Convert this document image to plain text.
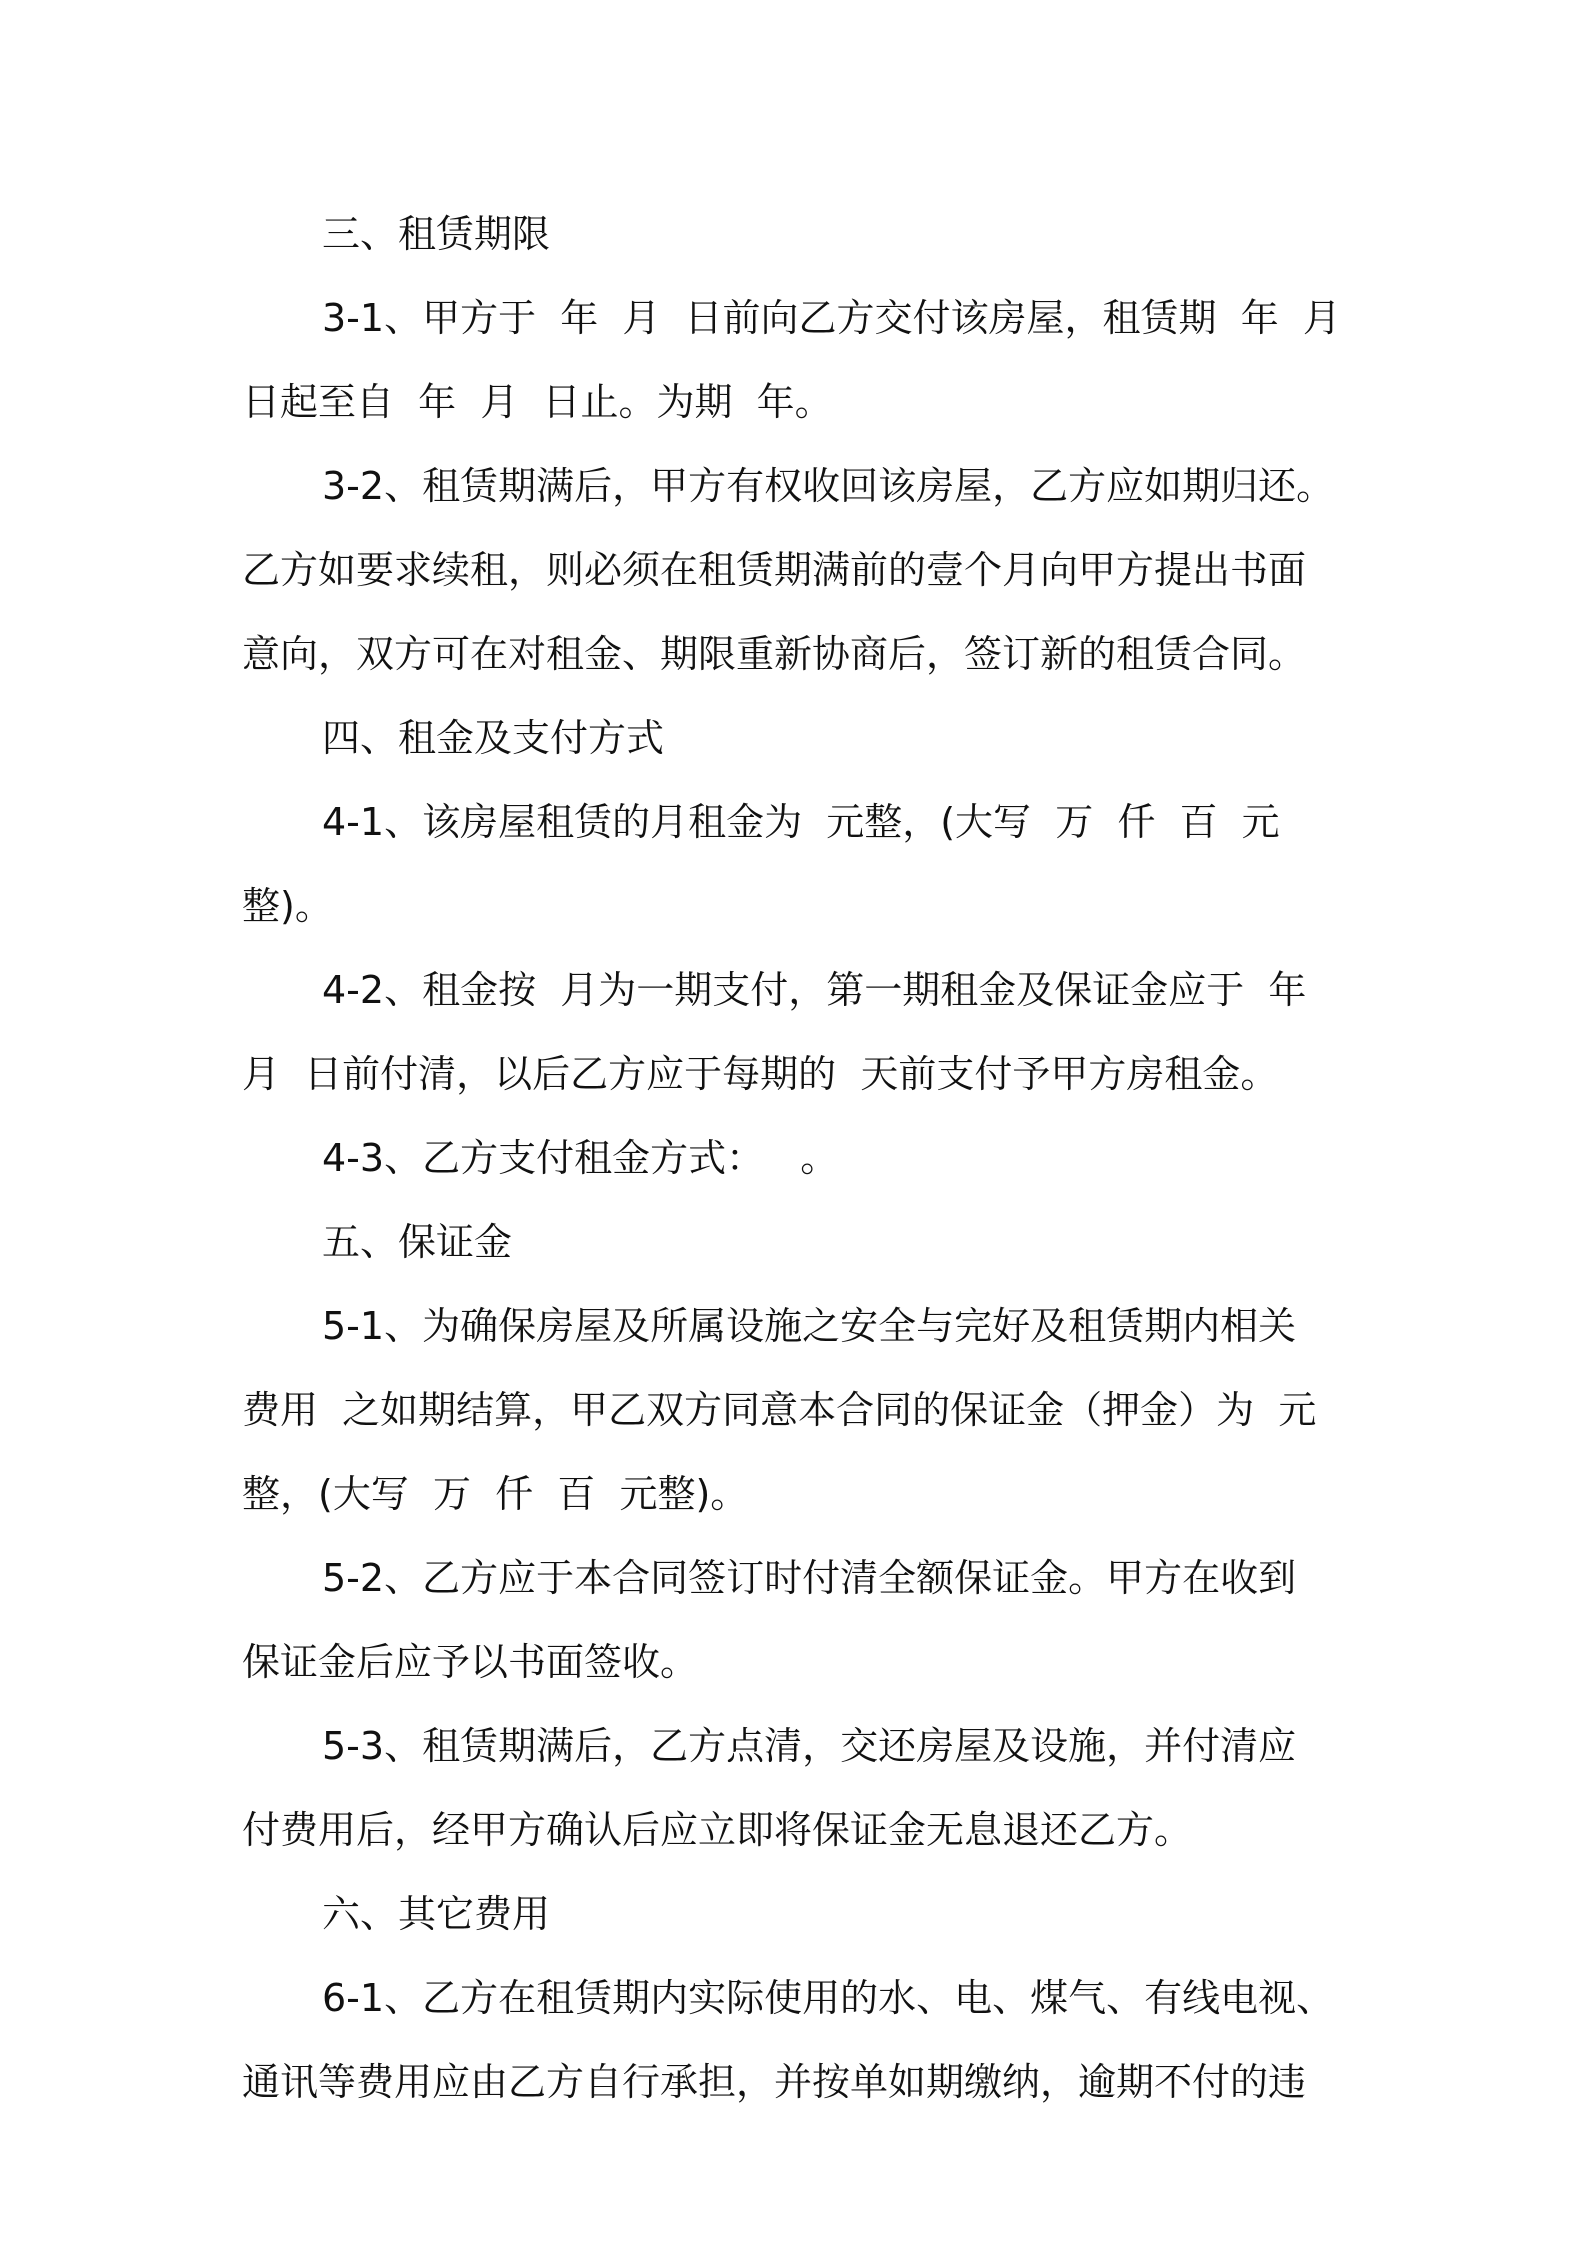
三、租赁期限

3-1、甲方于  年  月  日前向乙方交付该房屋，租赁期  年  月

日起至自  年  月  日止。为期  年。

3-2、租赁期满后，甲方有权收回该房屋，乙方应如期归还。

乙方如要求续租，则必须在租赁期满前的壹个月向甲方提出书面

意向，双方可在对租金、期限重新协商后，签订新的租赁合同。

四、租金及支付方式

4-1、该房屋租赁的月租金为  元整，(大写  万  仟  百  元整)。

4-2、租金按  月为一期支付，第一期租金及保证金应于  年

月  日前付清，以后乙方应于每期的  天前支付予甲方房租金。

4-3、乙方支付租金方式：   。

五、保证金

5-1、为确保房屋及所属设施之安全与完好及租赁期内相关

费用  之如期结算，甲乙双方同意本合同的保证金（押金）为  元

整，(大写  万  仟  百  元整)。

5-2、乙方应于本合同签订时付清全额保证金。甲方在收到

保证金后应予以书面签收。

5-3、租赁期满后，乙方点清，交还房屋及设施，并付清应

付费用后，经甲方确认后应立即将保证金无息退还乙方。

六、其它费用

6-1、乙方在租赁期内实际使用的水、电、煤气、有线电视、

通讯等费用应由乙方自行承担，并按单如期缴纳，逾期不付的违
